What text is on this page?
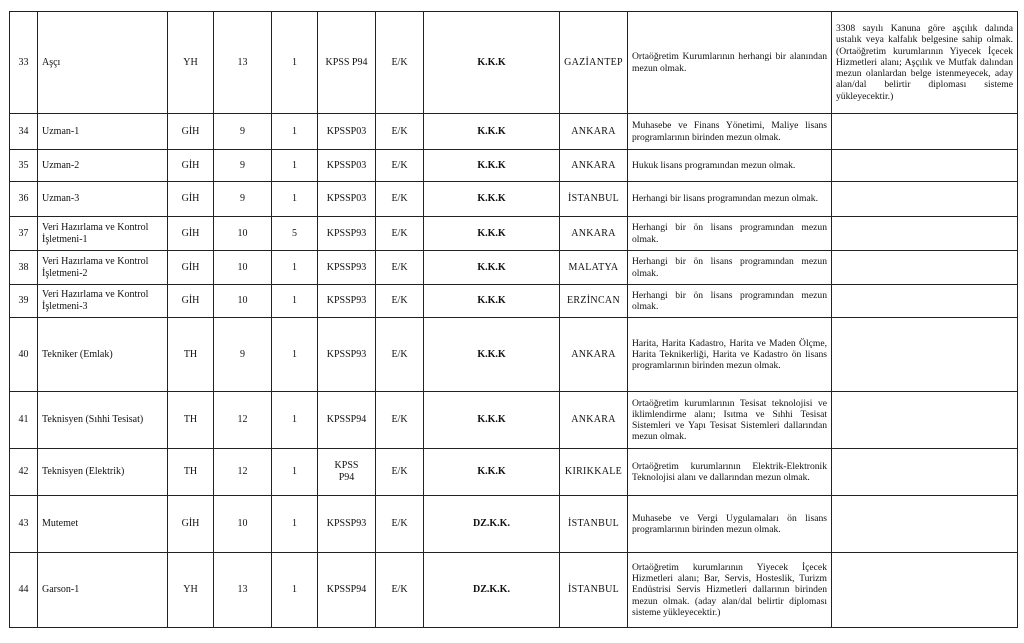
33	Aşçı	YH	13	1	KPSS P94	E/K	K.K.K	GAZİANTEP	Ortaöğretim Kurumlarının herhangi bir alanından mezun olmak.	3308 sayılı Kanuna göre aşçılık dalında ustalık veya kalfalık belgesine sahip olmak. (Ortaöğretim kurumlarının Yiyecek İçecek Hizmetleri alanı; Aşçılık ve Mutfak dalından mezun olanlardan belge istenmeyecek, aday alan/dal belirtir diploması sisteme yükleyecektir.)
34	Uzman-1	GİH	9	1	KPSSP03	E/K	K.K.K	ANKARA	Muhasebe ve Finans Yönetimi, Maliye lisans programlarının birinden mezun olmak.	
35	Uzman-2	GİH	9	1	KPSSP03	E/K	K.K.K	ANKARA	Hukuk lisans programından mezun olmak.	
36	Uzman-3	GİH	9	1	KPSSP03	E/K	K.K.K	İSTANBUL	Herhangi bir lisans programından mezun olmak.	
37	Veri Hazırlama ve Kontrol İşletmeni-1	GİH	10	5	KPSSP93	E/K	K.K.K	ANKARA	Herhangi bir ön lisans programından mezun olmak.	
38	Veri Hazırlama ve Kontrol İşletmeni-2	GİH	10	1	KPSSP93	E/K	K.K.K	MALATYA	Herhangi bir ön lisans programından mezun olmak.	
39	Veri Hazırlama ve Kontrol İşletmeni-3	GİH	10	1	KPSSP93	E/K	K.K.K	ERZİNCAN	Herhangi bir ön lisans programından mezun olmak.	
40	Tekniker (Emlak)	TH	9	1	KPSSP93	E/K	K.K.K	ANKARA	Harita, Harita Kadastro, Harita ve Maden Ölçme, Harita Teknikerliği, Harita ve Kadastro ön lisans programlarının birinden mezun olmak.	
41	Teknisyen (Sıhhi Tesisat)	TH	12	1	KPSSP94	E/K	K.K.K	ANKARA	Ortaöğretim kurumlarının Tesisat teknolojisi ve iklimlendirme alanı; Isıtma ve Sıhhi Tesisat Sistemleri ve Yapı Tesisat Sistemleri dallarından mezun olmak.	
42	Teknisyen (Elektrik)	TH	12	1	KPSS P94	E/K	K.K.K	KIRIKKALE	Ortaöğretim kurumlarının Elektrik-Elektronik Teknolojisi alanı ve dallarından mezun olmak.	
43	Mutemet	GİH	10	1	KPSSP93	E/K	DZ.K.K.	İSTANBUL	Muhasebe ve Vergi Uygulamaları ön lisans programlarının birinden mezun olmak.	
44	Garson-1	YH	13	1	KPSSP94	E/K	DZ.K.K.	İSTANBUL	Ortaöğretim kurumlarının Yiyecek İçecek Hizmetleri alanı; Bar, Servis, Hosteslik, Turizm Endüstrisi Servis Hizmetleri dallarının birinden mezun olmak. (aday alan/dal belirtir diploması sisteme yükleyecektir.)	
